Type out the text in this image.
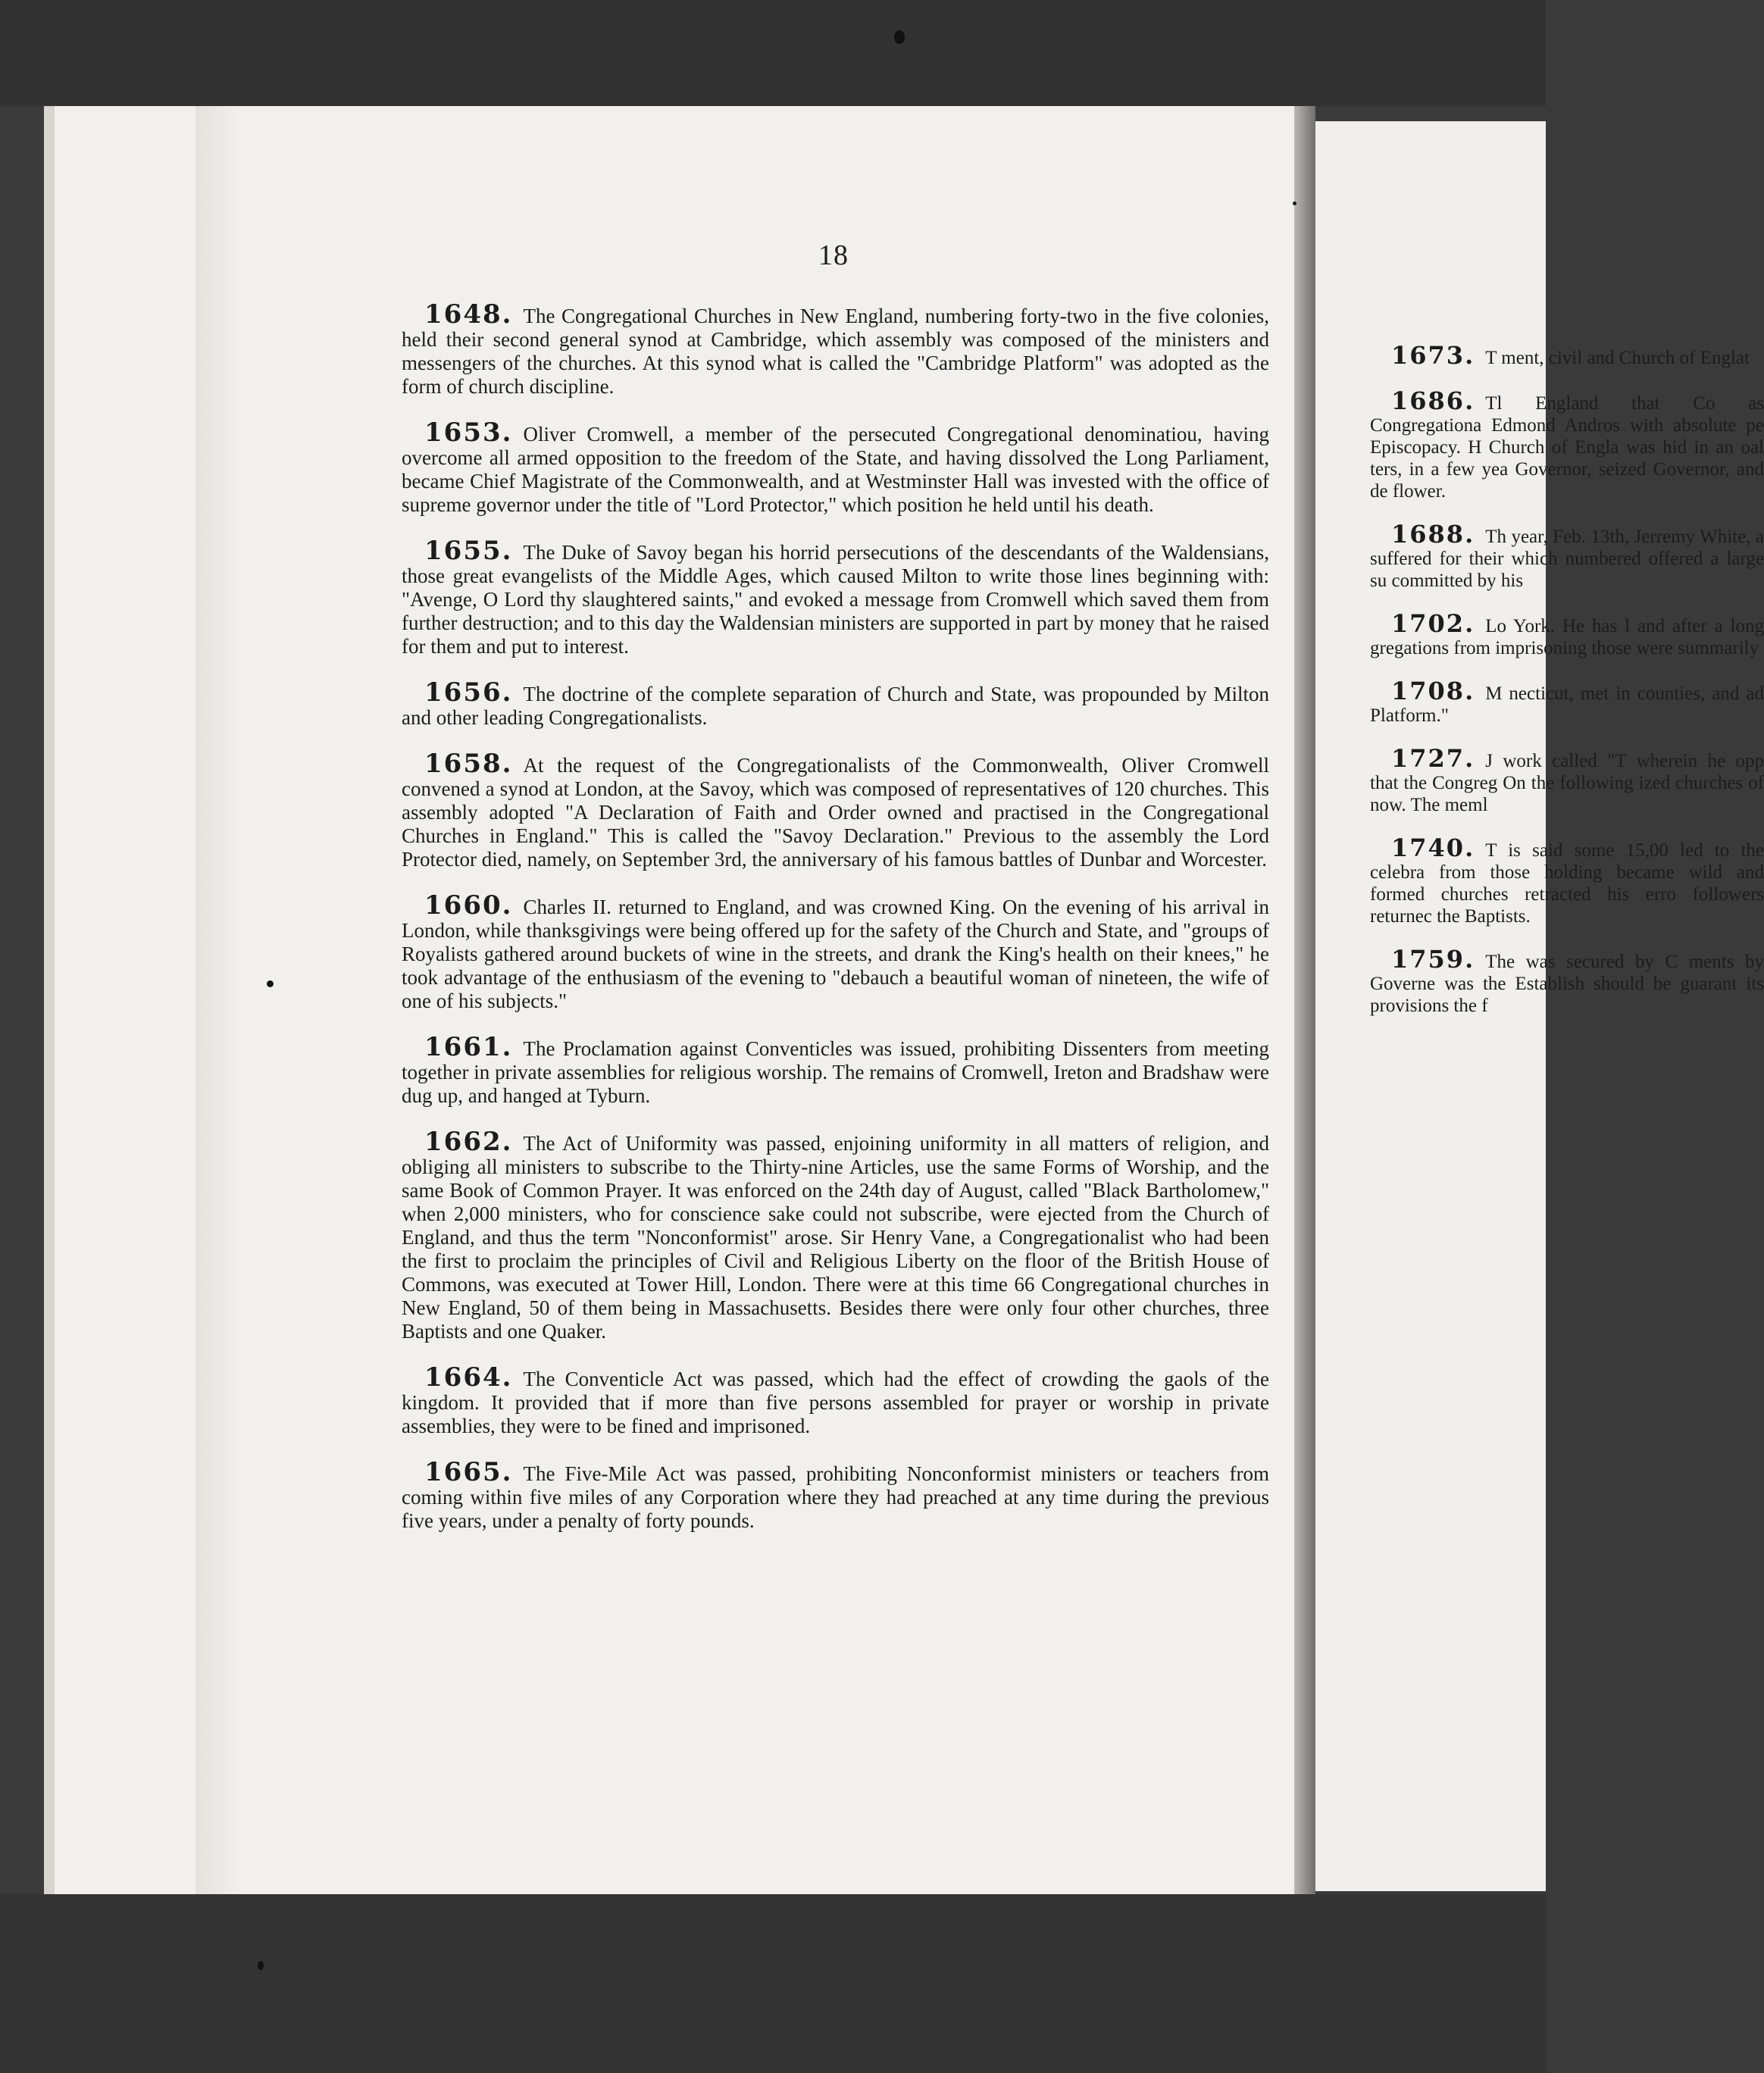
18

1648. The Congregational Churches in New England, numbering forty-two in the five colonies, held their second general synod at Cambridge, which assembly was composed of the ministers and messengers of the churches. At this synod what is called the "Cambridge Platform" was adopted as the form of church discipline.

1653. Oliver Cromwell, a member of the persecuted Congregational denominatiou, having overcome all armed opposition to the freedom of the State, and having dissolved the Long Parliament, became Chief Magistrate of the Commonwealth, and at Westminster Hall was invested with the office of supreme governor under the title of "Lord Protector," which position he held until his death.

1655. The Duke of Savoy began his horrid persecutions of the descendants of the Waldensians, those great evangelists of the Middle Ages, which caused Milton to write those lines beginning with: "Avenge, O Lord thy slaughtered saints," and evoked a message from Cromwell which saved them from further destruction; and to this day the Waldensian ministers are supported in part by money that he raised for them and put to interest.

1656. The doctrine of the complete separation of Church and State, was propounded by Milton and other leading Congregationalists.

1658. At the request of the Congregationalists of the Commonwealth, Oliver Cromwell convened a synod at London, at the Savoy, which was composed of representatives of 120 churches. This assembly adopted "A Declaration of Faith and Order owned and practised in the Congregational Churches in England." This is called the "Savoy Declaration." Previous to the assembly the Lord Protector died, namely, on September 3rd, the anniversary of his famous battles of Dunbar and Worcester.

1660. Charles II. returned to England, and was crowned King. On the evening of his arrival in London, while thanksgivings were being offered up for the safety of the Church and State, and "groups of Royalists gathered around buckets of wine in the streets, and drank the King's health on their knees," he took advantage of the enthusiasm of the evening to "debauch a beautiful woman of nineteen, the wife of one of his subjects."

1661. The Proclamation against Conventicles was issued, prohibiting Dissenters from meeting together in private assemblies for religious worship. The remains of Cromwell, Ireton and Bradshaw were dug up, and hanged at Tyburn.

1662. The Act of Uniformity was passed, enjoining uniformity in all matters of religion, and obliging all ministers to subscribe to the Thirty-nine Articles, use the same Forms of Worship, and the same Book of Common Prayer. It was enforced on the 24th day of August, called "Black Bartholomew," when 2,000 ministers, who for conscience sake could not subscribe, were ejected from the Church of England, and thus the term "Nonconformist" arose. Sir Henry Vane, a Congregationalist who had been the first to proclaim the principles of Civil and Religious Liberty on the floor of the British House of Commons, was executed at Tower Hill, London. There were at this time 66 Congregational churches in New England, 50 of them being in Massachusetts. Besides there were only four other churches, three Baptists and one Quaker.

1664. The Conventicle Act was passed, which had the effect of crowding the gaols of the kingdom. It provided that if more than five persons assembled for prayer or worship in private assemblies, they were to be fined and imprisoned.

1665. The Five-Mile Act was passed, prohibiting Nonconformist ministers or teachers from coming within five miles of any Corporation where they had preached at any time during the previous five years, under a penalty of forty pounds.

1673. T ment, civil and Church of Englat

1686. Tl England that Co as Congregationa Edmond Andros with absolute pe Episcopacy. H Church of Engla was hid in an oal ters, in a few yea Governor, seized Governor, and de flower.

1688. Th year, Feb. 13th, Jerremy White, a suffered for their which numbered offered a large su committed by his

1702. Lo York. He has l and after a long gregations from imprisoning those were summarily

1708. M necticut, met in counties, and ad Platform."

1727. J work called "T wherein he opp that the Congreg On the following ized churches of now. The meml

1740. T is said some 15,00 led to the celebra from those holding became wild and formed churches retracted his erro followers returnec the Baptists.

1759. The was secured by C ments by Governe was the Establish should be guarant its provisions the f
